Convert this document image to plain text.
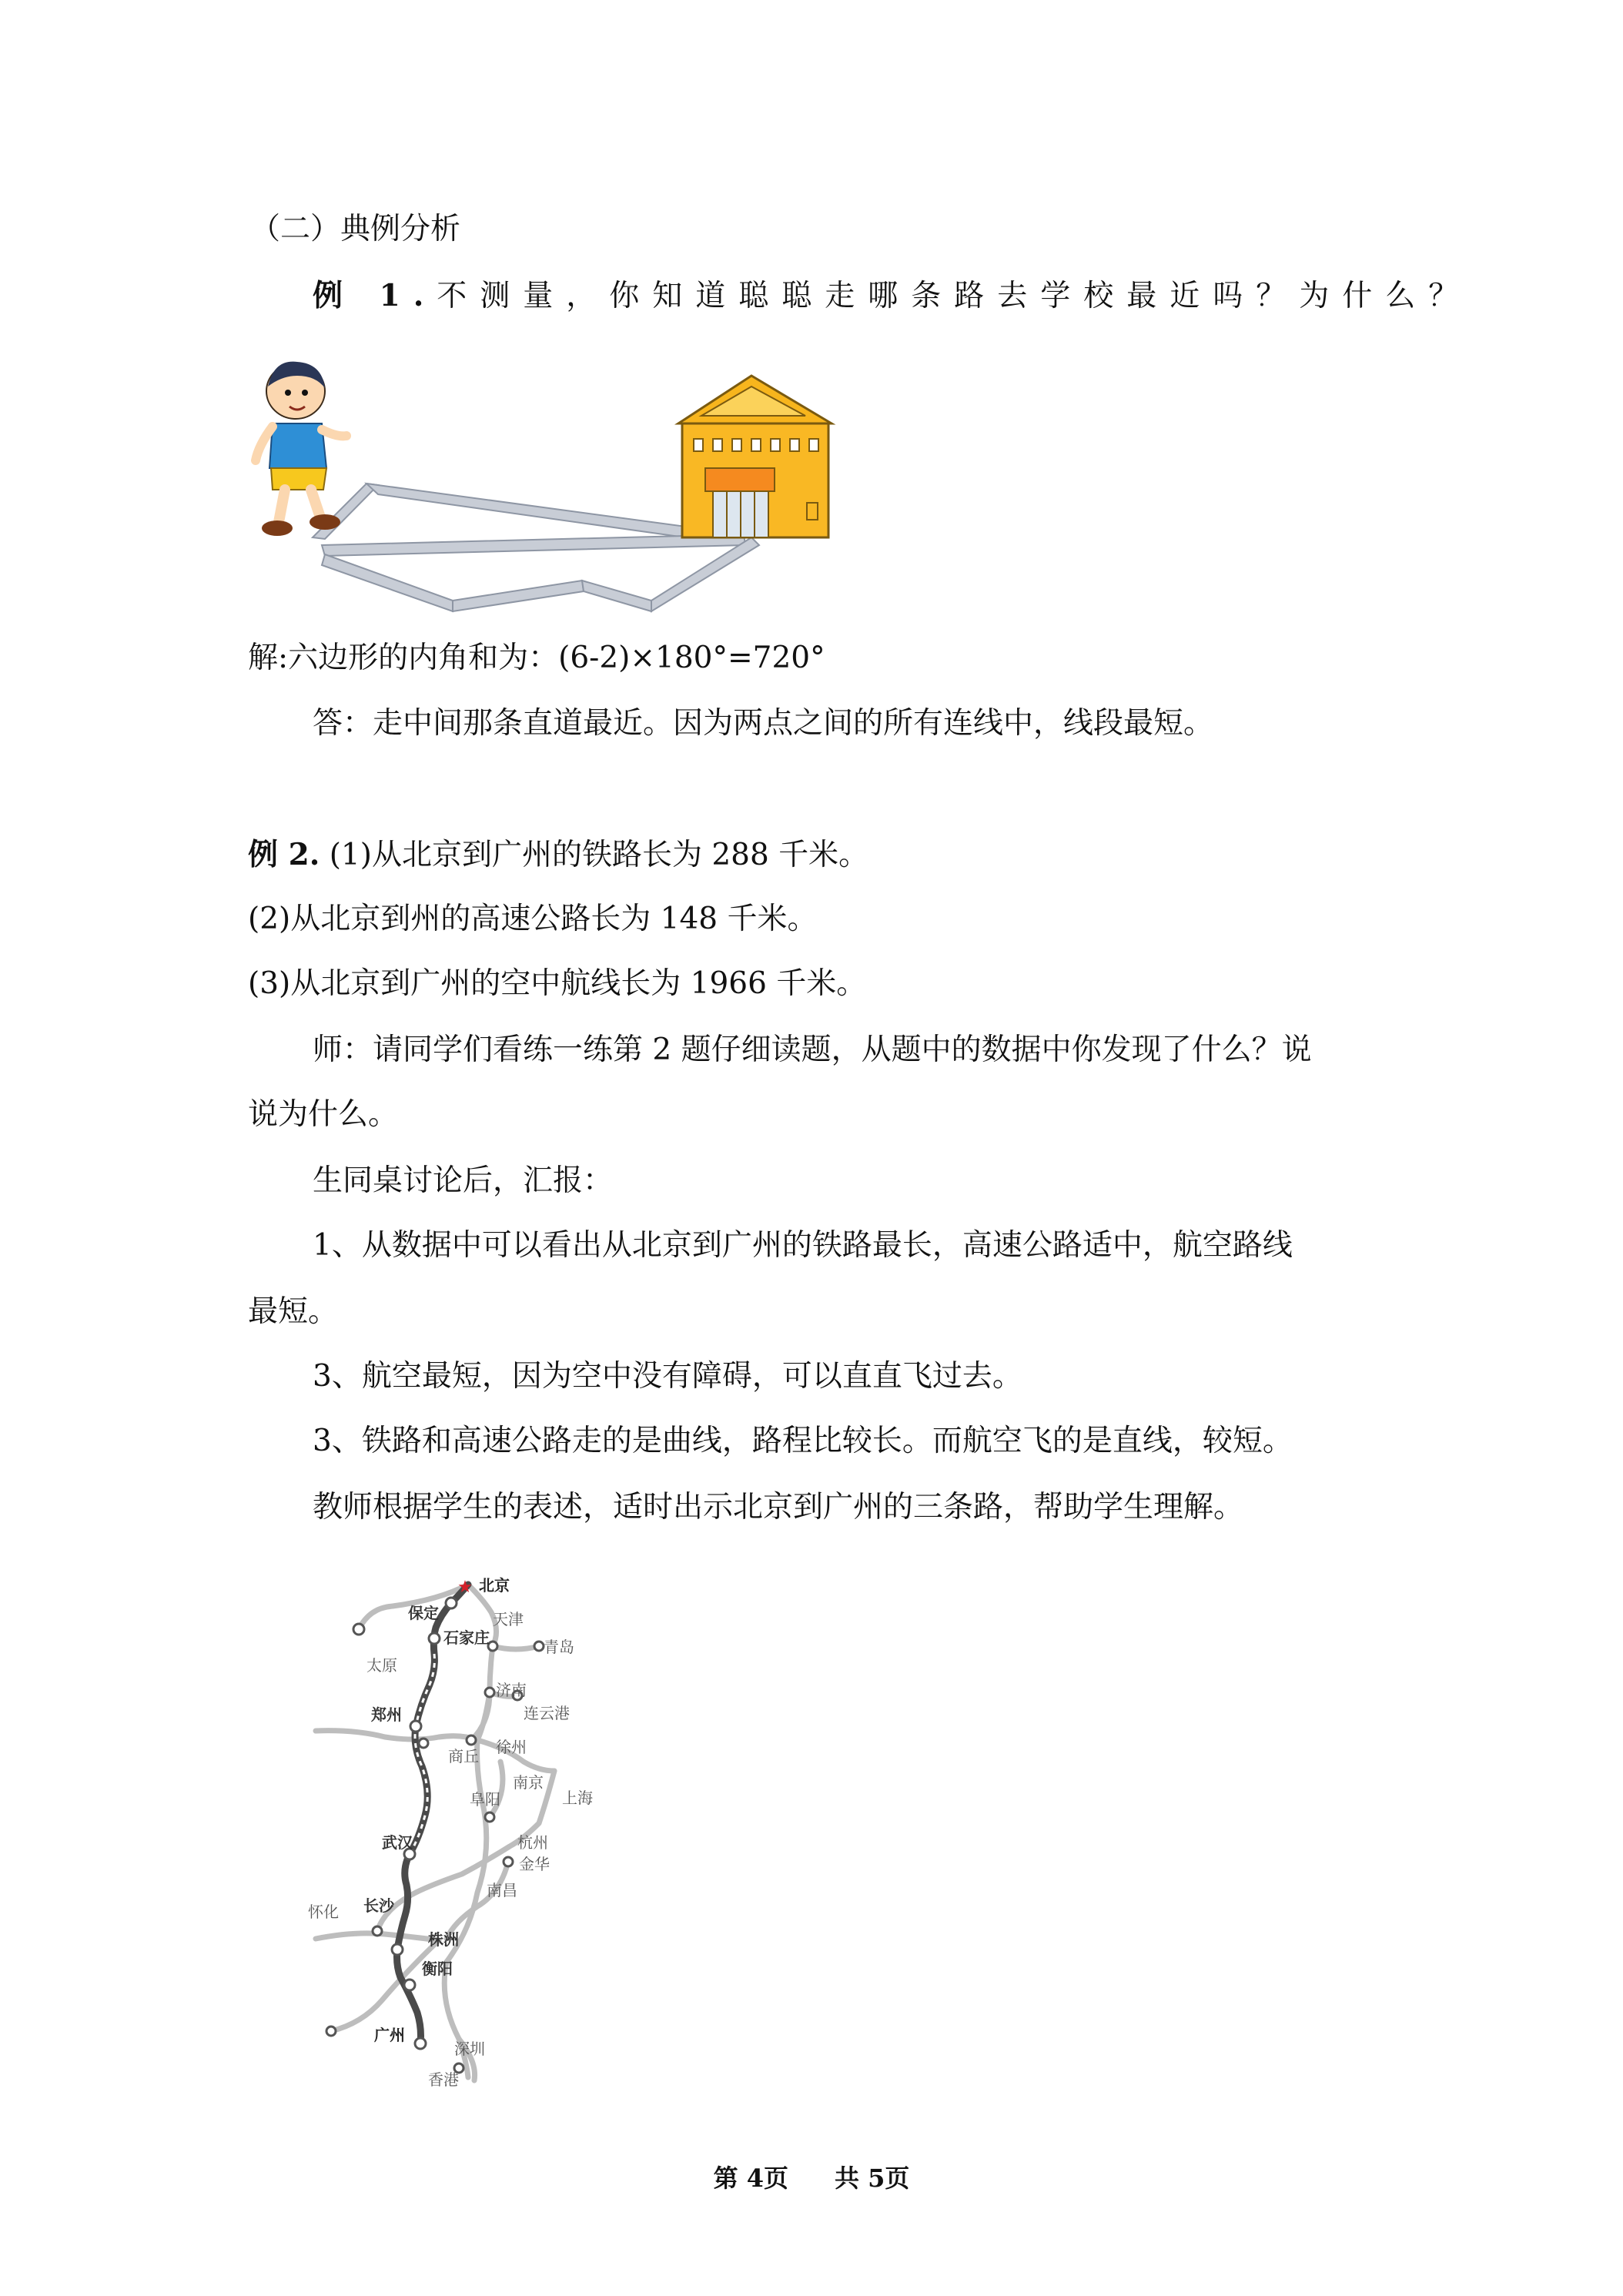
（二）典例分析
例 1.不测量，你知道聪聪走哪条路去学校最近吗？为什么？
解:六边形的内角和为：(6-2)×180°=720°
答：走中间那条直道最近。因为两点之间的所有连线中，线段最短。
例 2. (1)从北京到广州的铁路长为 288 千米。
(2)从北京到州的高速公路长为 148 千米。
(3)从北京到广州的空中航线长为 1966 千米。
师：请同学们看练一练第 2 题仔细读题，从题中的数据中你发现了什么？说
说为什么。
生同桌讨论后，汇报：
1、从数据中可以看出从北京到广州的铁路最长，高速公路适中，航空路线
最短。
3、航空最短，因为空中没有障碍，可以直直飞过去。
3、铁路和高速公路走的是曲线，路程比较长。而航空飞的是直线，较短。
教师根据学生的表述，适时出示北京到广州的三条路，帮助学生理解。
★ 北京
保定	天津
石家庄
太原
青岛
济南
郑州	连云港
商丘 徐州
南京
上海
阜阳
武汉	杭州
金华
怀化 长沙
南昌
株洲
衡阳
广州
深圳
香港
第 4页 共 5页
